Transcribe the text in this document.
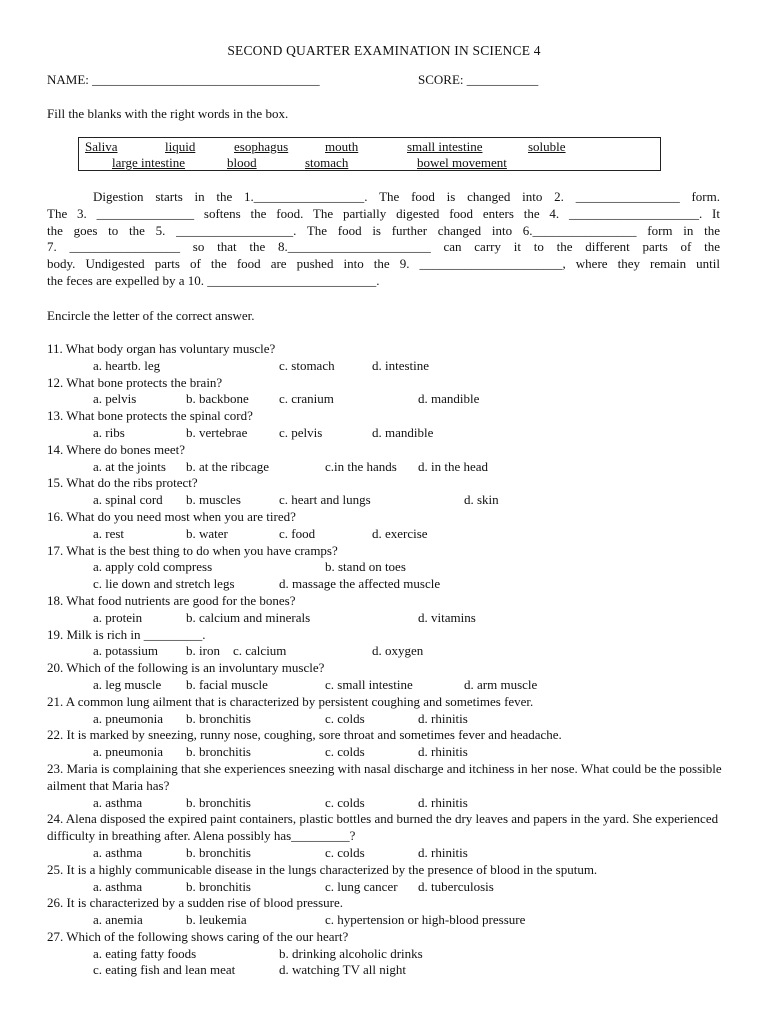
SECOND QUARTER EXAMINATION IN SCIENCE 4
NAME: ___________________________________	SCORE: ___________
Fill the blanks with the right words in the box.
Saliva	liquid	esophagus	mouth	small intestine	soluble
large intestine	blood	stomach	bowel movement
Digestion starts in the 1._________________. The food is changed into 2. ________________ form.
The 3. _______________ softens the food. The partially digested food enters the 4. ____________________. It
the goes to the 5. __________________. The food is further changed into 6.________________ form in the
7. _________________ so that the 8.______________________ can carry it to the different parts of the
body. Undigested parts of the food are pushed into the 9. ______________________, where they remain until
the feces are expelled by a 10. __________________________.
Encircle the letter of the correct answer.
11. What body organ has voluntary muscle?
a. heartb. leg	c. stomach	d. intestine
12. What bone protects the brain?
a. pelvis	b. backbone c. cranium	d. mandible
13. What bone protects the spinal cord?
a. ribs	b. vertebrae c. pelvis	d. mandible
14. Where do bones meet?
a. at the joints b. at the ribcage	c.in the hands d. in the head
15. What do the ribs protect?
a. spinal cord b. muscles	c. heart and lungs	d. skin
16. What do you need most when you are tired?
a. rest	b. water	c. food	d. exercise
17. What is the best thing to do when you have cramps?
a. apply cold compress	b. stand on toes
c. lie down and stretch legs	d. massage the affected muscle
18. What food nutrients are good for the bones?
a. protein	b. calcium and minerals	d. vitamins
19. Milk is rich in _________.
a. potassium b. iron c. calcium	d. oxygen
20. Which of the following is an involuntary muscle?
a. leg muscle b. facial muscle	c. small intestine	d. arm muscle
21. A common lung ailment that is characterized by persistent coughing and sometimes fever.
a. pneumonia b. bronchitis	c. colds	d. rhinitis
22. It is marked by sneezing, runny nose, coughing, sore throat and sometimes fever and headache.
a. pneumonia b. bronchitis	c. colds	d. rhinitis
23. Maria is complaining that she experiences sneezing with nasal discharge and itchiness in her nose. What could be the possible ailment that Maria has?
a. asthma	b. bronchitis	c. colds	d. rhinitis
24. Alena disposed the expired paint containers, plastic bottles and burned the dry leaves and papers in the yard. She experienced difficulty in breathing after. Alena possibly has_________?
a. asthma	b. bronchitis	c. colds	d. rhinitis
25. It is a highly communicable disease in the lungs characterized by the presence of blood in the sputum.
a. asthma	b. bronchitis	c. lung cancer d. tuberculosis
26. It is characterized by a sudden rise of blood pressure.
a. anemia	b. leukemia	c. hypertension or high-blood pressure
27. Which of the following shows caring of the our heart?
a. eating fatty foods	b. drinking alcoholic drinks
c. eating fish and lean meat	d. watching TV all night
